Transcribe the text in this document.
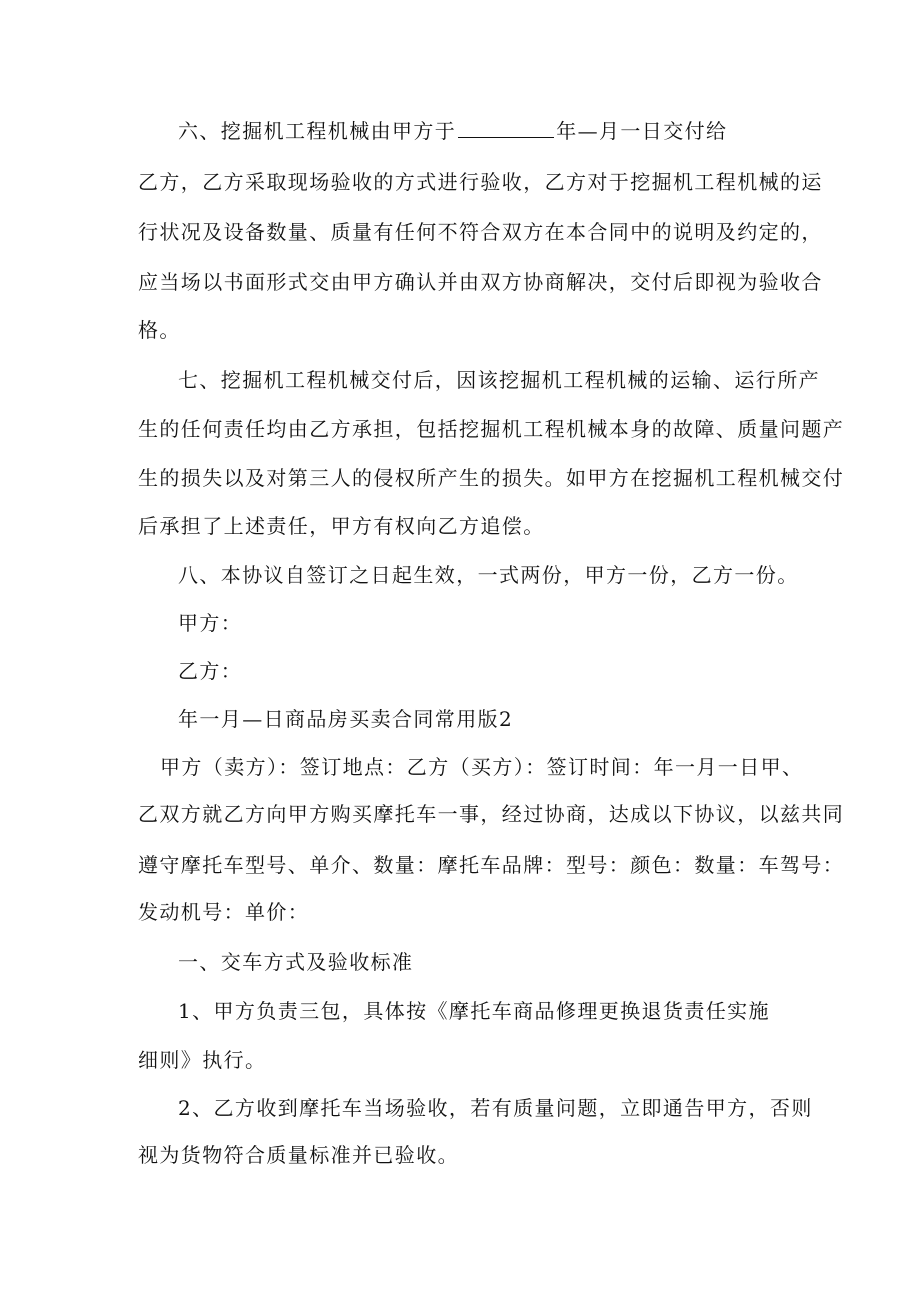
六、挖掘机工程机械由甲方于	年—月一日交付给
乙方，乙方采取现场验收的方式进行验收，乙方对于挖掘机工程机械的运
行状况及设备数量、质量有任何不符合双方在本合同中的说明及约定的，
应当场以书面形式交由甲方确认并由双方协商解决，交付后即视为验收合
格。
七、挖掘机工程机械交付后，因该挖掘机工程机械的运输、运行所产
生的任何责任均由乙方承担，包括挖掘机工程机械本身的故障、质量问题产
生的损失以及对第三人的侵权所产生的损失。如甲方在挖掘机工程机械交付
后承担了上述责任，甲方有权向乙方追偿。
八、本协议自签订之日起生效，一式两份，甲方一份，乙方一份。
甲方：
乙方：
年一月—日商品房买卖合同常用版2
甲方（卖方）：签订地点：乙方（买方）：签订时间：年一月一日甲、
乙双方就乙方向甲方购买摩托车一事，经过协商，达成以下协议，以兹共同
遵守摩托车型号、单介、数量：摩托车品牌：型号：颜色：数量：车驾号：
发动机号：单价：
一、交车方式及验收标准
1、甲方负责三包，具体按《摩托车商品修理更换退货责任实施
细则》执行。
2、乙方收到摩托车当场验收，若有质量问题，立即通告甲方，否则
视为货物符合质量标准并已验收。
